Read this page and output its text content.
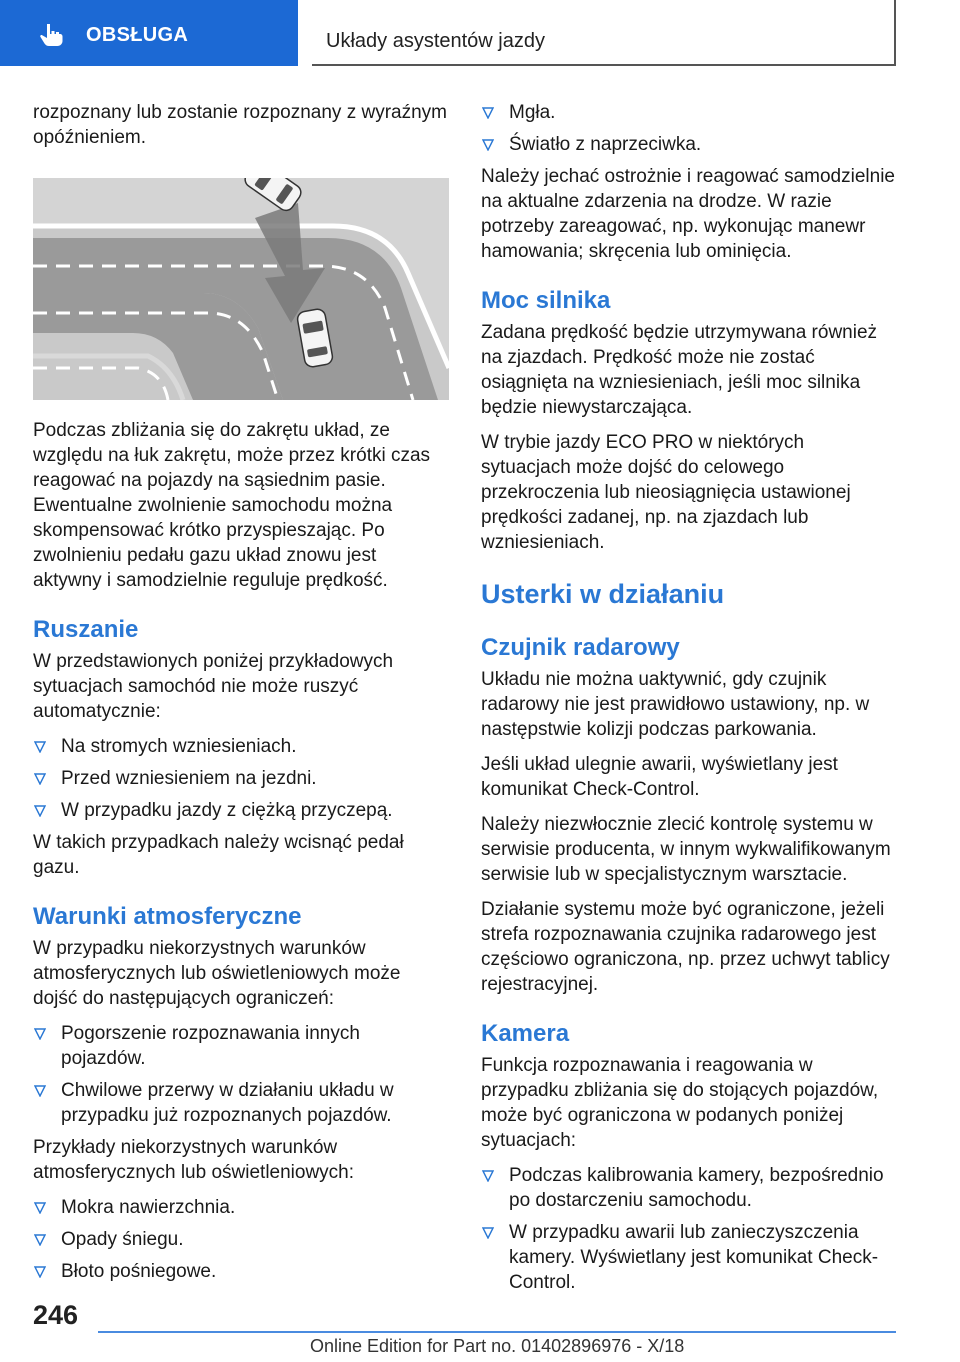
OBSŁUGA	Układy asystentów jazdy

rozpoznany lub zostanie rozpoznany z wyraźnym opóźnieniem.

Podczas zbliżania się do zakrętu układ, ze względu na łuk zakrętu, może przez krótki czas reagować na pojazdy na sąsiednim pasie. Ewentualne zwolnienie samochodu można skompensować krótko przyspieszając. Po zwolnieniu pedału gazu układ znowu jest aktywny i samodzielnie reguluje prędkość.

Ruszanie

W przedstawionych poniżej przykładowych sytuacjach samochód nie może ruszyć automatycznie:

Na stromych wzniesieniach.
Przed wzniesieniem na jezdni.
W przypadku jazdy z ciężką przyczepą.

W takich przypadkach należy wcisnąć pedał gazu.

Warunki atmosferyczne

W przypadku niekorzystnych warunków atmosferycznych lub oświetleniowych może dojść do następujących ograniczeń:

Pogorszenie rozpoznawania innych pojazdów.
Chwilowe przerwy w działaniu układu w przypadku już rozpoznanych pojazdów.

Przykłady niekorzystnych warunków atmosferycznych lub oświetleniowych:

Mokra nawierzchnia.
Opady śniegu.
Błoto pośniegowe.
Mgła.
Światło z naprzeciwka.

Należy jechać ostrożnie i reagować samodzielnie na aktualne zdarzenia na drodze. W razie potrzeby zareagować, np. wykonując manewr hamowania; skręcenia lub ominięcia.

Moc silnika

Zadana prędkość będzie utrzymywana również na zjazdach. Prędkość może nie zostać osiągnięta na wzniesieniach, jeśli moc silnika będzie niewystarczająca.

W trybie jazdy ECO PRO w niektórych sytuacjach może dojść do celowego przekroczenia lub nieosiągnięcia ustawionej prędkości zadanej, np. na zjazdach lub wzniesieniach.

Usterki w działaniu
Czujnik radarowy

Układu nie można uaktywnić, gdy czujnik radarowy nie jest prawidłowo ustawiony, np. w następstwie kolizji podczas parkowania.

Jeśli układ ulegnie awarii, wyświetlany jest komunikat Check-Control.

Należy niezwłocznie zlecić kontrolę systemu w serwisie producenta, w innym wykwalifikowanym serwisie lub w specjalistycznym warsztacie.

Działanie systemu może być ograniczone, jeżeli strefa rozpoznawania czujnika radarowego jest częściowo ograniczona, np. przez uchwyt tablicy rejestracyjnej.

Kamera

Funkcja rozpoznawania i reagowania w przypadku zbliżania się do stojących pojazdów, może być ograniczona w podanych poniżej sytuacjach:

Podczas kalibrowania kamery, bezpośrednio po dostarczeniu samochodu.
W przypadku awarii lub zanieczyszczenia kamery. Wyświetlany jest komunikat Check-Control.
246
Online Edition for Part no. 01402896976 - X/18
